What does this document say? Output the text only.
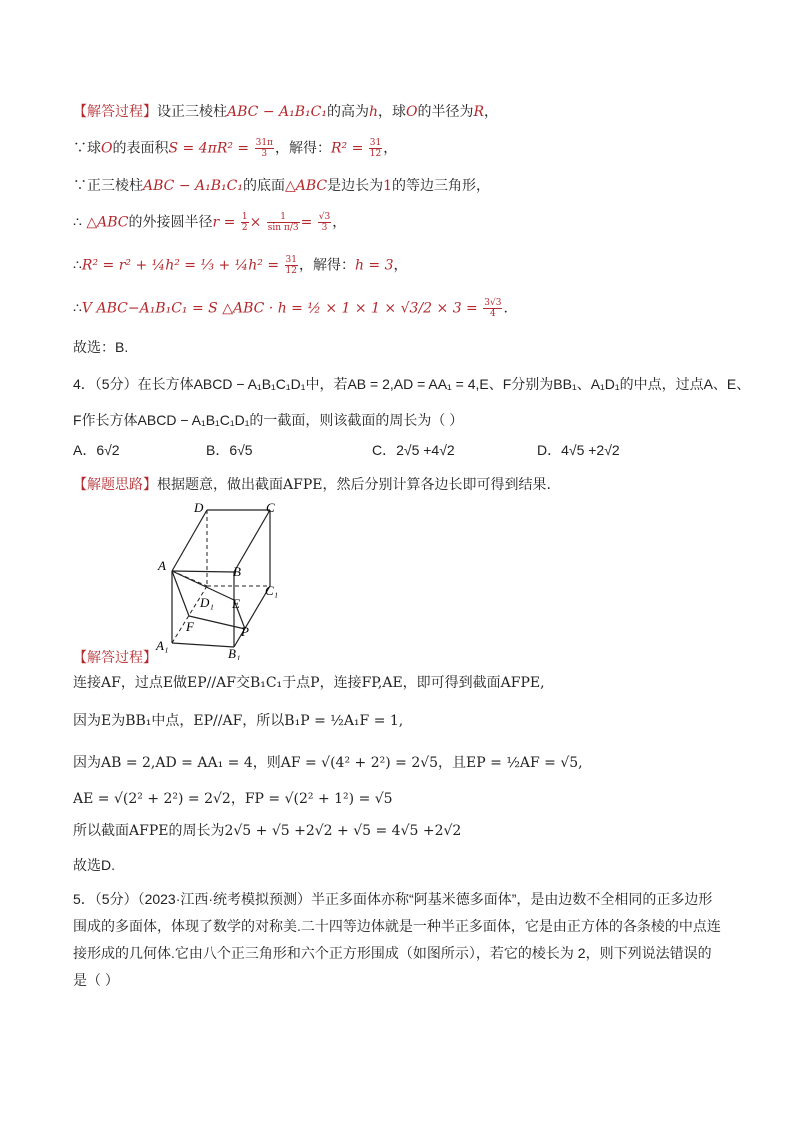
【解答过程】设正三棱柱ABC − A₁B₁C₁的高为h，球O的半径为R，
∵球O的表面积$S = 4\pi R^2 = \frac{31\pi}{3}$ ，解得：$R^2 = \frac{31}{12}$ ，
∵正三棱柱ABC − A₁B₁C₁的底面△ABC是边长为1的等边三角形，
∴ △ABC的外接圆半径$r = \frac{1}{2} \times \frac{1}{\text{sin π/3}} = \frac{√3}{3}$ ，
∴R² = r² + ¼h² = ⅓ + ¼h² = $\frac{31}{12}$ ，解得：h = 3，
∴V ABC−A₁B₁C₁ = S △ABC · h = ½ × $1 \times 1 \times √3/2 \times 3 = \frac{3√3}{4}$ .
故选：B.
4．（5分）在长方体ABCD − A₁B₁C₁D₁中，若AB = 2,AD = AA₁ = 4,E、F分别为BB₁、A₁D₁的中点，过点A、E、
F作长方体ABCD − A₁B₁C₁D₁的一截面，则该截面的周长为（ ）
A．6√2	B．6√5	C．2√5 +4√2	D．4√5 +2√2
【解题思路】根据题意，做出截面AFPE，然后分别计算各边长即可得到结果.
D	C
A	B
C₁
D₁ E
F	P
A₁
B₁
【解答过程】
连接AF，过点E做EP//AF交B₁C₁于点P，连接FP,AE，即可得到截面AFPE,
因为E为BB₁中点，EP//AF，所以B₁P = ½A₁F = 1,
因为AB = 2,AD = AA₁ = 4，则AF = √(4² + 2²) = 2√5，且EP = ½AF = √5,
AE = √(2² + 2²) = 2√2，FP = √(2² + 1²) = √5
所以截面AFPE的周长为2√5 + √5 +2√2 + √5 = 4√5 +2√2
故选D.
5．（5分）（2023·江西·统考模拟预测）半正多面体亦称“阿基米德多面体”，是由边数不全相同的正多边形围成的多面体，体现了数学的对称美.二十四等边体就是一种半正多面体，它是由正方体的各条棱的中点连接形成的几何体.它由八个正三角形和六个正方形围成（如图所示），若它的棱长为 2，则下列说法错误的是（ ）
